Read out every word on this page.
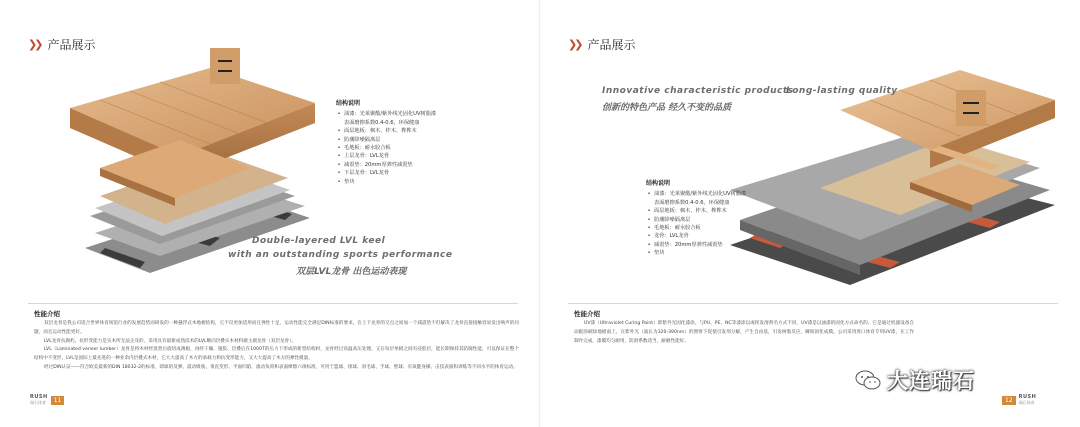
❯❯ 产品展示
结构说明
• 油漆：光莱聚酯/紫外线光固化UV树脂漆
表面磨擦系数0.4-0.6，环保健康
• 面层地板：枫木、柞木、桦桦木
• 防潮降噪隔离层
• 毛地板：耐水胶合板
• 上层龙骨：LVL龙骨
• 减震垫：20mm厚弹性减震垫
• 下层龙骨：LVL龙骨
• 垫块
Double-layered LVL keel
with an outstanding sports performance
双层LVL龙骨 出色运动表现
性能介绍

双层龙骨是我公司适合世界体育场馆行业的发展趋势而研发的一种悬浮式木地板结构，它不仅更加适用而且弹性十足，运动性能完全满足DIN标准的要求。在上下龙骨的交点之间加一个减震垫不但解决了龙骨直接接触容易发出响声的问题，而且运动性能更好。

LVL龙骨抗腐朽、抗形变能力是实木所无法企及的，采用具有最新成熟技术的LVL顺向层叠实木材料做主副龙骨（双层龙骨）。

LVL（Laminated veneer lumber）龙骨是将木材经蒸煮后旋切成薄板，再经干燥、施胶、层叠后在1000T的压力下形成的新型结构材，龙骨经过高温高压处理，又在每层单板之间有浸胶层，能长期保持其防腐性能，可以保证在整个结构中不变形，LVL是国际上最先进的一种业余内层叠式木材，它大大提高了木方的承载力和抗变形能力，又大大提高了木方的弹性模量。

经过DIN认证——符合欧美最新的DIN 18032-2的标准，即球的反弹、震动吸收、垂直变形、平面凹陷、滚动负荷和表面摩擦六项标准，可用于篮球、排球、羽毛球、手球、壁球、有氧健身操、击技表演和训练等不同水平的体育运动。

RUSH
瑞石体育	11
❯❯ 产品展示
Innovative characteristic products
Long-lasting quality
创新的特色产品 经久不变的品质
结构说明
• 油漆：光莱聚酯/紫外线光固化UV树脂漆
表面磨擦系数0.4-0.6，环保健康
• 面层地板：枫木、柞木、桦桦木
• 防潮降噪隔离层
• 毛地板：耐水胶合板
• 龙骨：LVL龙骨
• 减震垫：20mm厚弹性减震垫
• 垫块
性能介绍

UV漆（Ultraviolet Curing Paint）即紫外光固化漆涂。与PU、PE、NC等漆涂以或挥发溶剂名方式不同，UV漆是以油漆的固化方式命名的。它是通过机器设备自动辊涂刷涂地板面上，在紫外光（波长为320-390nm）的照射下促使引发剂分解，产生自由基，引发树脂反应，瞬间固化成膜。公司采用进口体育专用UV漆，在工作制作完成，漆膜均匀耐用，防滑系数适当，耐磨性能好。

12	RUSH
瑞石体育
大连瑞石
